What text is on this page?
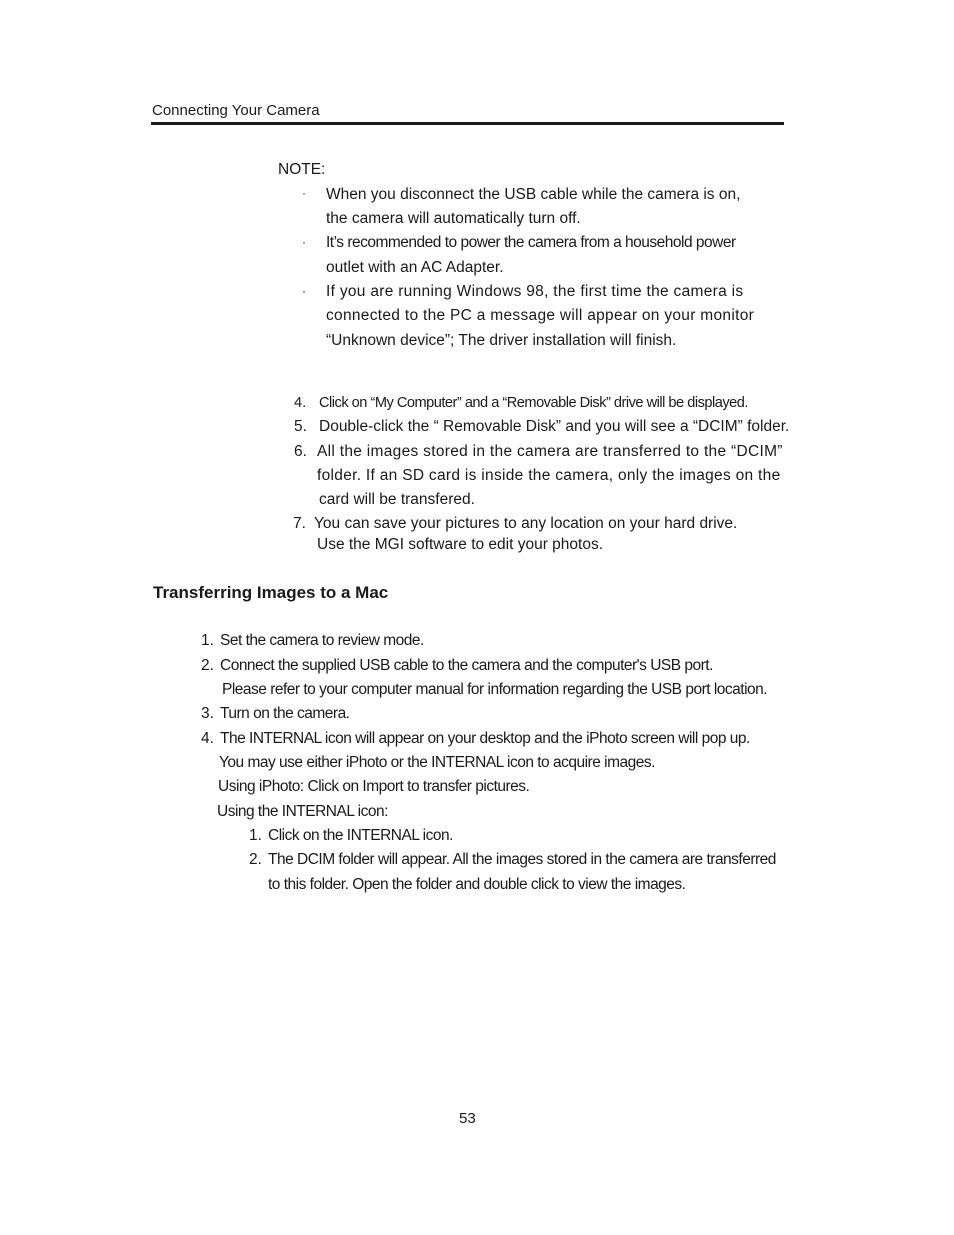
Connecting Your Camera
NOTE:
· When you disconnect the USB cable while the camera is on,
the camera will automatically turn off.
· It’s recommended to power the camera from a household power
outlet with an AC Adapter.
· If you are running Windows 98, the first time the camera is
connected to the PC a message will appear on your monitor
“Unknown device”; The driver installation will finish.
4. Click on “My Computer” and a “Removable Disk” drive will be displayed.
5. Double-click the “ Removable Disk” and you will see a “DCIM” folder.
6. All the images stored in the camera are transferred to the “DCIM”
folder. If an SD card is inside the camera, only the images on the
card will be transfered.
7. You can save your pictures to any location on your hard drive.
Use the MGI software to edit your photos.
Transferring Images to a Mac
1. Set the camera to review mode.
2. Connect the supplied USB cable to the camera and the computer's USB port.
Please refer to your computer manual for information regarding the USB port location.
3. Turn on the camera.
4. The INTERNAL icon will appear on your desktop and the iPhoto screen will pop up.
You may use either iPhoto or the INTERNAL icon to acquire images.
Using iPhoto: Click on Import to transfer pictures.
Using the INTERNAL icon:
1. Click on the INTERNAL icon.
2. The DCIM folder will appear. All the images stored in the camera are transferred
to this folder. Open the folder and double click to view the images.
53
